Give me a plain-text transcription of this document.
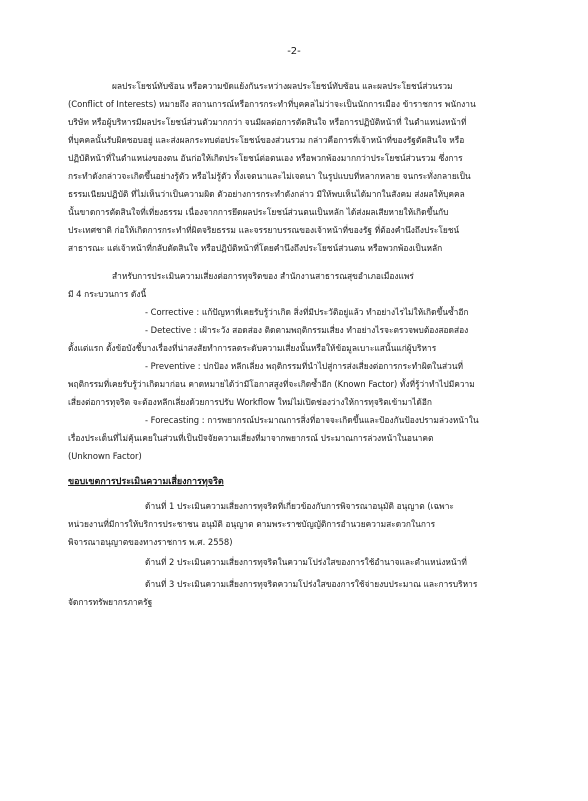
-2-
ผลประโยชน์ทับซ้อน หรือความขัดแย้งกันระหว่างผลประโยชน์ทับซ้อน และผลประโยชน์ส่วนรวม
(Conflict of Interests) หมายถึง สถานการณ์หรือการกระทำที่บุคคลไม่ว่าจะเป็นนักการเมือง ข้าราชการ พนักงาน
บริษัท หรือผู้บริหารมีผลประโยชน์ส่วนตัวมากกว่า จนมีผลต่อการตัดสินใจ หรือการปฏิบัติหน้าที่ ในตำแหน่งหน้าที่
ที่บุคคลนั้นรับผิดชอบอยู่ และส่งผลกระทบต่อประโยชน์ของส่วนรวม กล่าวคือการที่เจ้าหน้าที่ของรัฐตัดสินใจ หรือ
ปฏิบัติหน้าที่ในตำแหน่งของตน อันก่อให้เกิดประโยชน์ต่อตนเอง หรือพวกพ้องมากกว่าประโยชน์ส่วนรวม ซึ่งการ
กระทำดังกล่าวจะเกิดขึ้นอย่างรู้ตัว หรือไม่รู้ตัว ทั้งเจตนาและไม่เจตนา ในรูปแบบที่หลากหลาย จนกระทั่งกลายเป็น
ธรรมเนียมปฏิบัติ ที่ไม่เห็นว่าเป็นความผิด ตัวอย่างการกระทำดังกล่าว มีให้พบเห็นได้มากในสังคม ส่งผลให้บุคคล
นั้นขาดการตัดสินใจที่เที่ยงธรรม เนื่องจากการยึดผลประโยชน์ส่วนตนเป็นหลัก ได้ส่งผลเสียหายให้เกิดขึ้นกับ
ประเทศชาติ ก่อให้เกิดการกระทำที่ผิดจริยธรรม และจรรยาบรรณของเจ้าหน้าที่ของรัฐ ที่ต้องคำนึงถึงประโยชน์
สาธารณะ แต่เจ้าหน้าที่กลับตัดสินใจ หรือปฏิบัติหน้าที่โดยคำนึงถึงประโยชน์ส่วนตน หรือพวกพ้องเป็นหลัก
สำหรับการประเมินความเสี่ยงต่อการทุจริตของ สำนักงานสาธารณสุขอำเภอเมืองแพร่
มี 4 กระบวนการ ดังนี้
- Corrective : แก้ปัญหาที่เคยรับรู้ว่าเกิด สิ่งที่มีประวัติอยู่แล้ว ทำอย่างไรไม่ให้เกิดขึ้นซ้ำอีก
- Detective : เฝ้าระวัง สอดส่อง ติดตามพฤติกรรมเสี่ยง ทำอย่างไรจะตรวจพบต้องสอดส่อง
ตั้งแต่แรก ตั้งข้อบังชี้บางเรื่องที่น่าสงสัยทำการลดระดับความเสี่ยงนั้นหรือให้ข้อมูลเบาะแสนั้นแก่ผู้บริหาร
- Preventive : ปกป้อง หลีกเลี่ยง พฤติกรรมที่นำไปสู่การส่งเสี่ยงต่อการกระทำผิดในส่วนที่
พฤติกรรมที่เคยรับรู้ว่าเกิดมาก่อน คาดหมายได้ว่ามีโอกาสสูงที่จะเกิดซ้ำอีก (Known Factor) ทั้งที่รู้ว่าทำไปมีความ
เสี่ยงต่อการทุจริต จะต้องหลีกเลี่ยงด้วยการปรับ Workflow ใหม่ไม่เปิดช่องว่างให้การทุจริตเข้ามาได้อีก
- Forecasting : การพยากรณ์ประมาณการสิ่งที่อาจจะเกิดขึ้นและป้องกันป้องปรามล่วงหน้าใน
เรื่องประเด็นที่ไม่คุ้นเคยในส่วนที่เป็นปัจจัยความเสี่ยงที่มาจากพยากรณ์ ประมาณการล่วงหน้าในอนาคต
(Unknown Factor)
ขอบเขตการประเมินความเสี่ยงการทุจริต
ด้านที่ 1 ประเมินความเสี่ยงการทุจริตที่เกี่ยวข้องกับการพิจารณาอนุมัติ อนุญาต (เฉพาะ
หน่วยงานที่มีการให้บริการประชาชน อนุมัติ อนุญาต ตามพระราชบัญญัติการอำนวยความสะดวกในการ
พิจารณาอนุญาตของทางราชการ พ.ศ. 2558)
ด้านที่ 2 ประเมินความเสี่ยงการทุจริตในความโปร่งใสของการใช้อำนาจและตำแหน่งหน้าที่
ด้านที่ 3 ประเมินความเสี่ยงการทุจริตความโปร่งใสของการใช้จ่ายงบประมาณ และการบริหาร
จัดการทรัพยากรภาครัฐ
